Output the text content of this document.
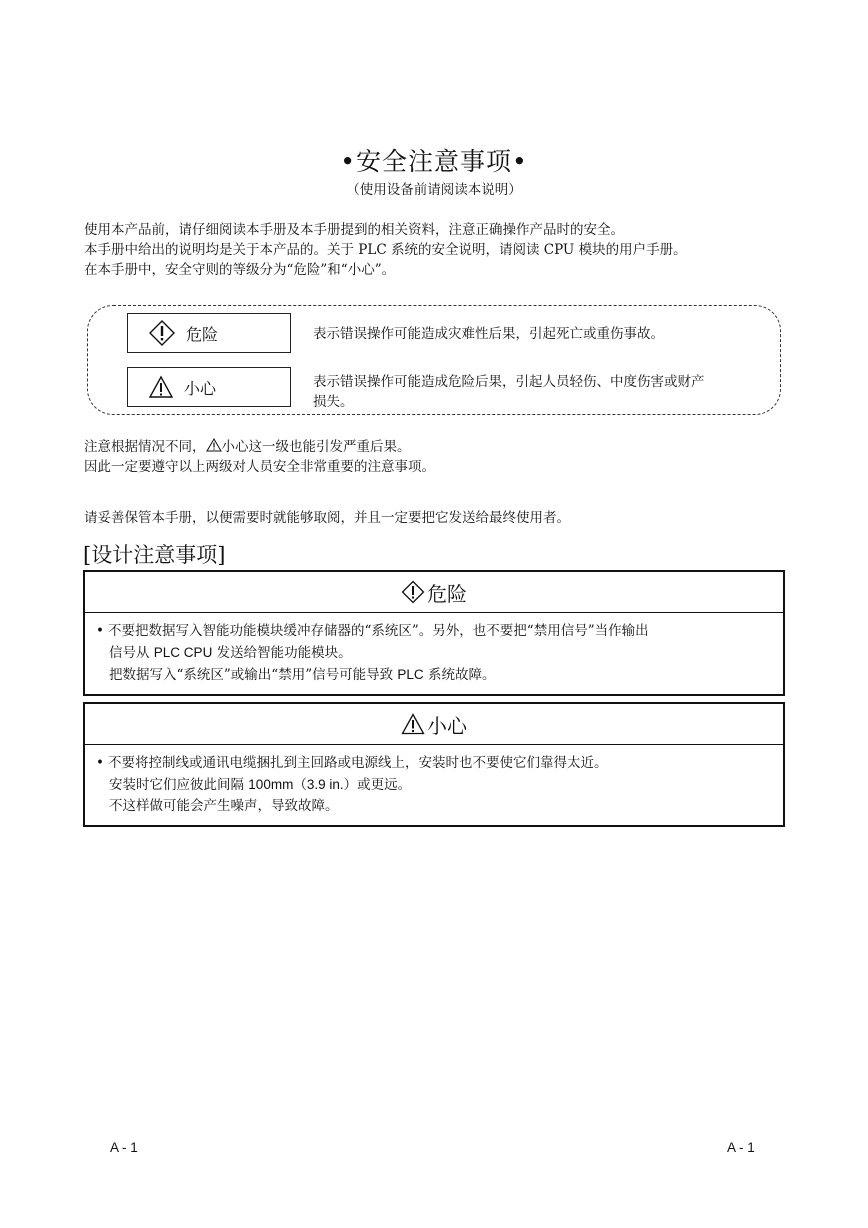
•安全注意事项•
（使用设备前请阅读本说明）
使用本产品前，请仔细阅读本手册及本手册提到的相关资料，注意正确操作产品时的安全。
本手册中给出的说明均是关于本产品的。关于 PLC 系统的安全说明，请阅读 CPU 模块的用户手册。
在本手册中，安全守则的等级分为“危险”和“小心”。
危险	表示错误操作可能造成灾难性后果，引起死亡或重伤事故。
小心	表示错误操作可能造成危险后果，引起人员轻伤、中度伤害或财产
损失。
注意根据情况不同， 小心这一级也能引发严重后果。
因此一定要遵守以上两级对人员安全非常重要的注意事项。
请妥善保管本手册，以便需要时就能够取阅，并且一定要把它发送给最终使用者。
[设计注意事项]
危险
• 不要把数据写入智能功能模块缓冲存储器的“系统区”。另外，也不要把“禁用信号”当作输出
信号从 PLC CPU 发送给智能功能模块。
把数据写入“系统区”或输出“禁用”信号可能导致 PLC 系统故障。
小心
• 不要将控制线或通讯电缆捆扎到主回路或电源线上，安装时也不要使它们靠得太近。
安装时它们应彼此间隔 100mm（3.9 in.）或更远。
不这样做可能会产生噪声，导致故障。
A - 1	A - 1
